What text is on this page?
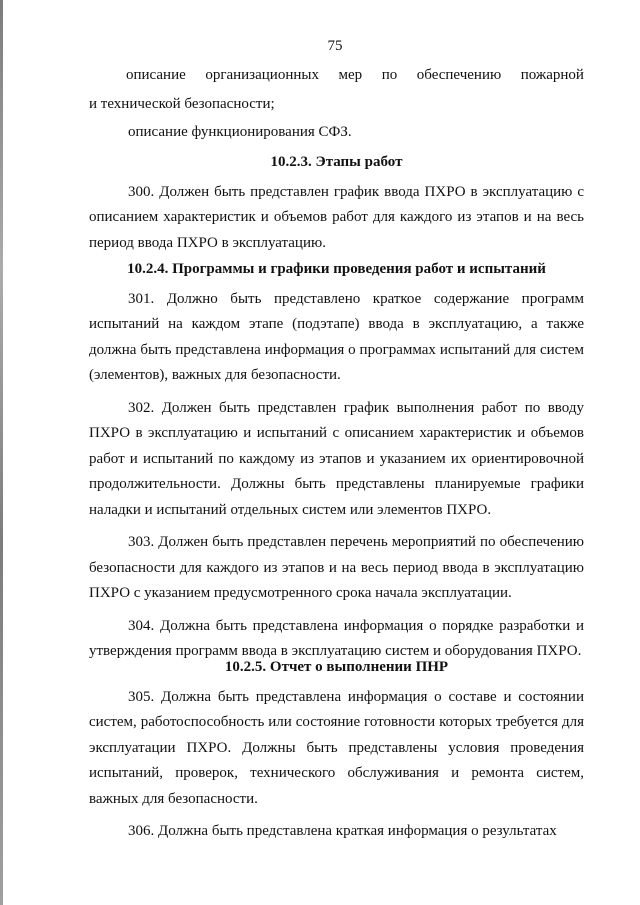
75
описание организационных мер по обеспечению пожарной

и технической безопасности;

описание функционирования СФЗ.

10.2.3. Этапы работ

300. Должен быть представлен график ввода ПХРО в эксплуатацию с описанием характеристик и объемов работ для каждого из этапов и на весь период ввода ПХРО в эксплуатацию.

10.2.4. Программы и графики проведения работ и испытаний

301. Должно быть представлено краткое содержание программ испытаний на каждом этапе (подэтапе) ввода в эксплуатацию, а также должна быть представлена информация о программах испытаний для систем (элементов), важных для безопасности.

302. Должен быть представлен график выполнения работ по вводу ПХРО в эксплуатацию и испытаний с описанием характеристик и объемов работ и испытаний по каждому из этапов и указанием их ориентировочной продолжительности. Должны быть представлены планируемые графики наладки и испытаний отдельных систем или элементов ПХРО.

303. Должен быть представлен перечень мероприятий по обеспечению безопасности для каждого из этапов и на весь период ввода в эксплуатацию ПХРО с указанием предусмотренного срока начала эксплуатации.

304. Должна быть представлена информация о порядке разработки и утверждения программ ввода в эксплуатацию систем и оборудования ПХРО.

10.2.5. Отчет о выполнении ПНР

305. Должна быть представлена информация о составе и состоянии систем, работоспособность или состояние готовности которых требуется для эксплуатации ПХРО. Должны быть представлены условия проведения испытаний, проверок, технического обслуживания и ремонта систем, важных для безопасности.

306. Должна быть представлена краткая информация о результатах
